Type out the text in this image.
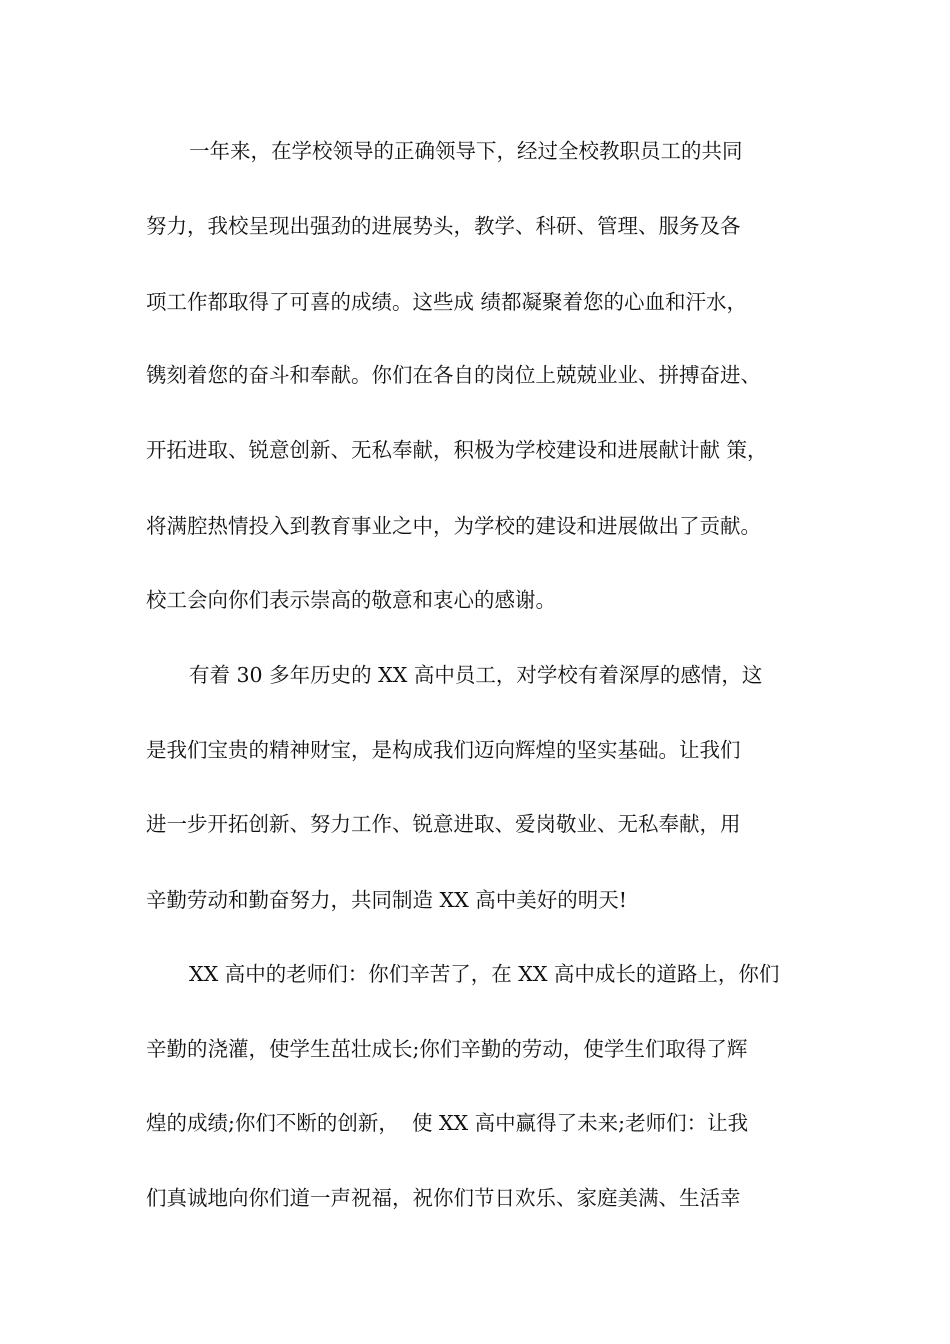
一年来，在学校领导的正确领导下，经过全校教职员工的共同
努力，我校呈现出强劲的进展势头，教学、科研、管理、服务及各
项工作都取得了可喜的成绩。这些成 绩都凝聚着您的心血和汗水，
镌刻着您的奋斗和奉献。你们在各自的岗位上兢兢业业、拼搏奋进、
开拓进取、锐意创新、无私奉献，积极为学校建设和进展献计献 策，
将满腔热情投入到教育事业之中，为学校的建设和进展做出了贡献。
校工会向你们表示崇高的敬意和衷心的感谢。
有着 30 多年历史的 XX 高中员工，对学校有着深厚的感情，这
是我们宝贵的精神财宝，是构成我们迈向辉煌的坚实基础。让我们
进一步开拓创新、努力工作、锐意进取、爱岗敬业、无私奉献，用
辛勤劳动和勤奋努力，共同制造 XX 高中美好的明天!
XX 高中的老师们：你们辛苦了，在 XX 高中成长的道路上，你们
辛勤的浇灌，使学生茁壮成长;你们辛勤的劳动，使学生们取得了辉
煌的成绩;你们不断的创新，  使 XX 高中赢得了未来;老师们：让我
们真诚地向你们道一声祝福，祝你们节日欢乐、家庭美满、生活幸
